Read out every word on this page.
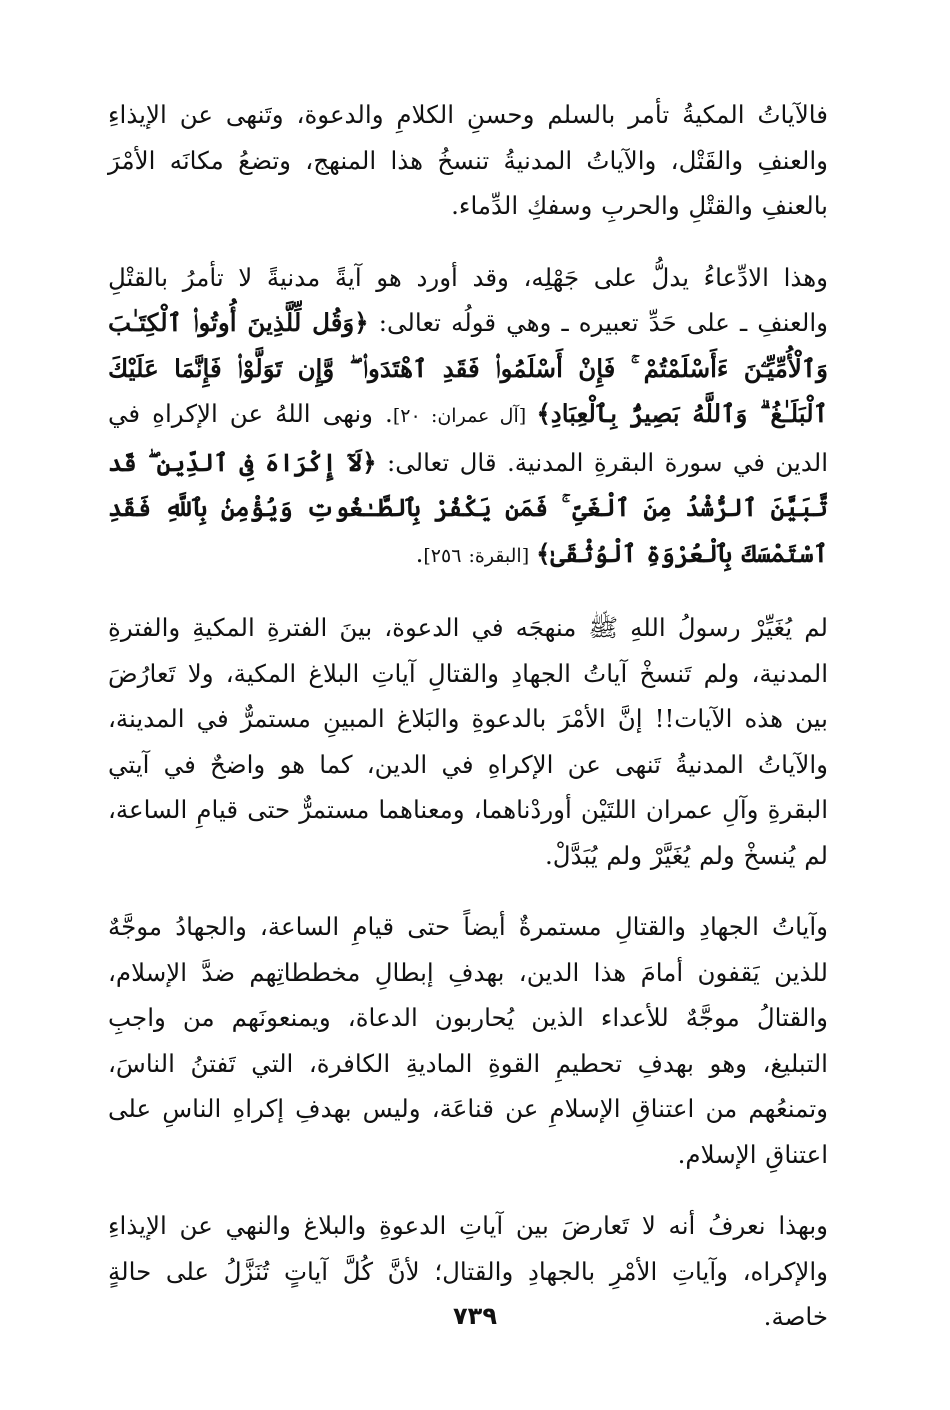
فالآياتُ المكيةُ تأمر بالسلم وحسنِ الكلامِ والدعوة، وتَنهى عن الإيذاءِ والعنفِ والقَتْل، والآياتُ المدنيةُ تنسخُ هذا المنهج، وتضعُ مكانَه الأمْرَ بالعنفِ والقتْلِ والحربِ وسفكِ الدِّماء.
وهذا الادِّعاءُ يدلُّ على جَهْلِه، وقد أورد هو آيةً مدنيةً لا تأمرُ بالقتْلِ والعنفِ ـ على حَدِّ تعبيره ـ وهي قولُه تعالى: ﴿وَقُل لِّلَّذِينَ أُوتُوا۟ ٱلْكِتَـٰبَ وَٱلْأُمِّيِّـۧنَ ءَأَسْلَمْتُمْ ۚ فَإِنْ أَسْلَمُوا۟ فَقَدِ ٱهْتَدَوا۟ ۖ وَّإِن تَوَلَّوْا۟ فَإِنَّمَا عَلَيْكَ ٱلْبَلَـٰغُ ۗ وَٱللَّهُ بَصِيرٌۢ بِٱلْعِبَادِ﴾ [آل عمران: ٢٠]. ونهى اللهُ عن الإكراهِ في الدين في سورة البقرةِ المدنية. قال تعالى: ﴿لَآ إِكْرَاهَ فِى ٱلدِّينِ ۖ قَد تَّبَيَّنَ ٱلرُّشْدُ مِنَ ٱلْغَىِّ ۚ فَمَن يَكْفُرْ بِٱلطَّـٰغُوتِ وَيُؤْمِنۢ بِٱللَّهِ فَقَدِ ٱسْتَمْسَكَ بِٱلْعُرْوَةِ ٱلْوُثْقَىٰ﴾ [البقرة: ٢٥٦].
لم يُغَيِّرْ رسولُ اللهِ ﷺ منهجَه في الدعوة، بينَ الفترةِ المكيةِ والفترةِ المدنية، ولم تَنسخْ آياتُ الجهادِ والقتالِ آياتِ البلاغ المكية، ولا تَعارُضَ بين هذه الآيات!! إنَّ الأمْرَ بالدعوةِ والبَلاغ المبينِ مستمرٌّ في المدينة، والآياتُ المدنيةُ تَنهى عن الإكراهِ في الدين، كما هو واضحٌ في آيتي البقرةِ وآلِ عمران اللتَيْن أوردْناهما، ومعناهما مستمرٌّ حتى قيامِ الساعة، لم يُنسخْ ولم يُغَيَّرْ ولم يُبَدَّلْ.
وآياتُ الجهادِ والقتالِ مستمرةٌ أيضاً حتى قيامِ الساعة، والجهادُ موجَّهٌ للذين يَقفون أمامَ هذا الدين، بهدفِ إبطالِ مخططاتِهم ضدَّ الإسلام، والقتالُ موجَّهٌ للأعداء الذين يُحاربون الدعاة، ويمنعونَهم من واجبِ التبليغ، وهو بهدفِ تحطيمِ القوةِ الماديةِ الكافرة، التي تَفتنُ الناسَ، وتمنعُهم من اعتناقِ الإسلامِ عن قناعَة، وليس بهدفِ إكراهِ الناسِ على اعتناقِ الإسلام.
وبهذا نعرفُ أنه لا تَعارضَ بين آياتِ الدعوةِ والبلاغ والنهي عن الإيذاءِ والإكراه، وآياتِ الأمْرِ بالجهادِ والقتال؛ لأنَّ كُلَّ آياتٍ تُنَزَّلُ على حالةٍ خاصة.
٧٣٩
